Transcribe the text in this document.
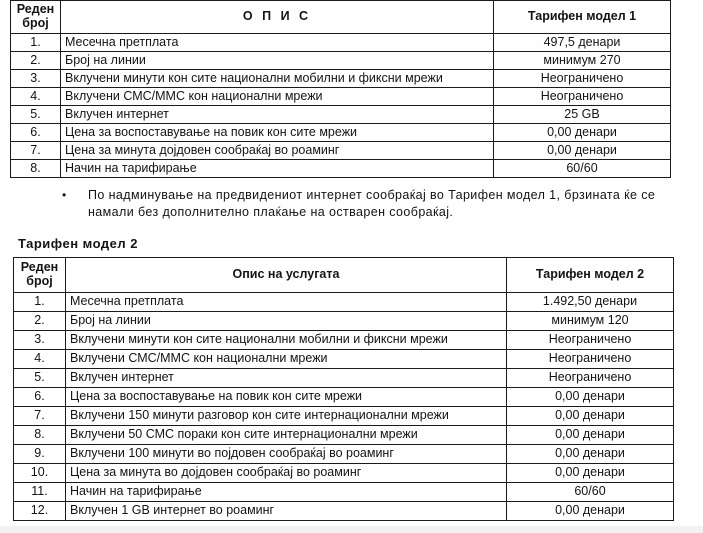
Реден
број	О П И С	Тарифен модел 1
1.	Месечна претплата	497,5 денари
2.	Број на линии	минимум 270
3.	Вклучени минути кон сите национални мобилни и фиксни мрежи	Неограничено
4.	Вклучени СМС/ММС кон национални мрежи	Неограничено
5.	Вклучен интернет	25 GB
6.	Цена за воспоставување на повик кон сите мрежи	0,00 денари
7.	Цена за минута дојдовен сообраќај во роаминг	0,00 денари
8.	Начин на тарифирање	60/60
• По надминување на предвидениот интернет сообраќај во Тарифен модел 1, брзината ќе се намали без дополнително плаќање на остварен сообраќај.
Тарифен модел 2
Реден
број	Опис на услугата	Тарифен модел 2
1.	Месечна претплата	1.492,50 денари
2.	Број на линии	минимум 120
3.	Вклучени минути кон сите национални мобилни и фиксни мрежи	Неограничено
4.	Вклучени СМС/ММС кон национални мрежи	Неограничено
5.	Вклучен интернет	Неограничено
6.	Цена за воспоставување на повик кон сите мрежи	0,00 денари
7.	Вклучени 150 минути разговор кон сите интернационални мрежи	0,00 денари
8.	Вклучени 50 СМС пораки кон сите интернационални мрежи	0,00 денари
9.	Вклучени 100 минути во појдовен сообраќај во роаминг	0,00 денари
10.	Цена за минута во дојдовен сообраќај во роаминг	0,00 денари
11.	Начин на тарифирање	60/60
12.	Вклучен 1 GB интернет во роаминг	0,00 денари
